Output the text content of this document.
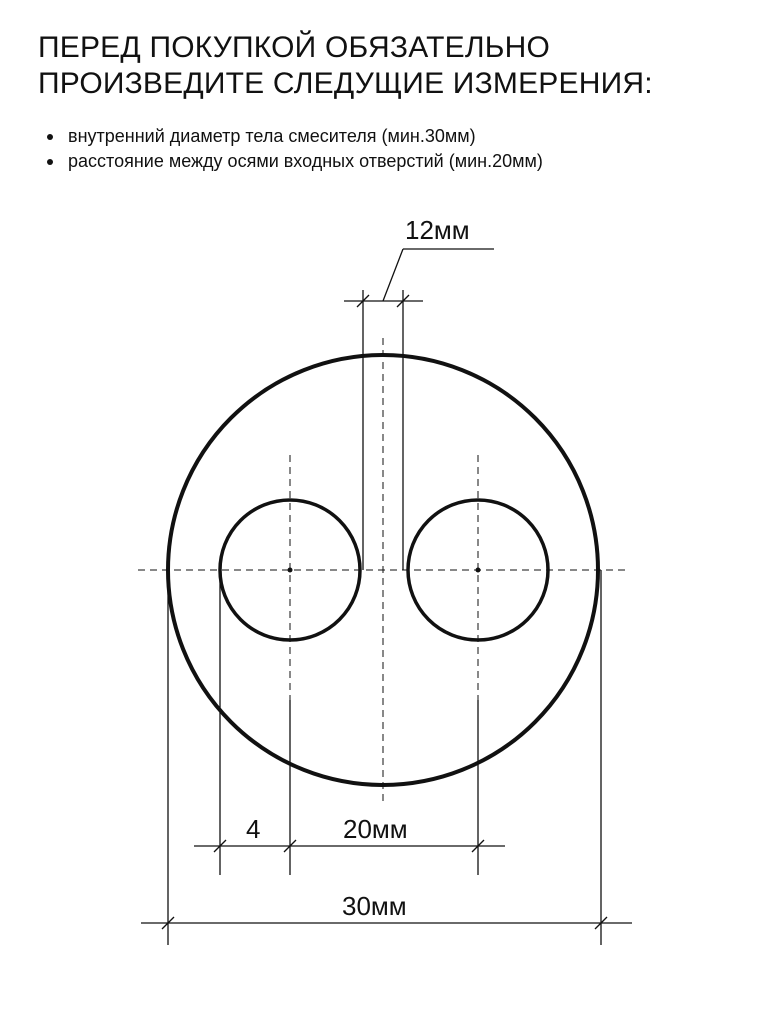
ПЕРЕД ПОКУПКОЙ ОБЯЗАТЕЛЬНО
ПРОИЗВЕДИТЕ СЛЕДУЩИЕ ИЗМЕРЕНИЯ:
внутренний диаметр тела смесителя (мин.30мм)
расстояние между осями входных отверстий (мин.20мм)
12мм
4	20мм
30мм
